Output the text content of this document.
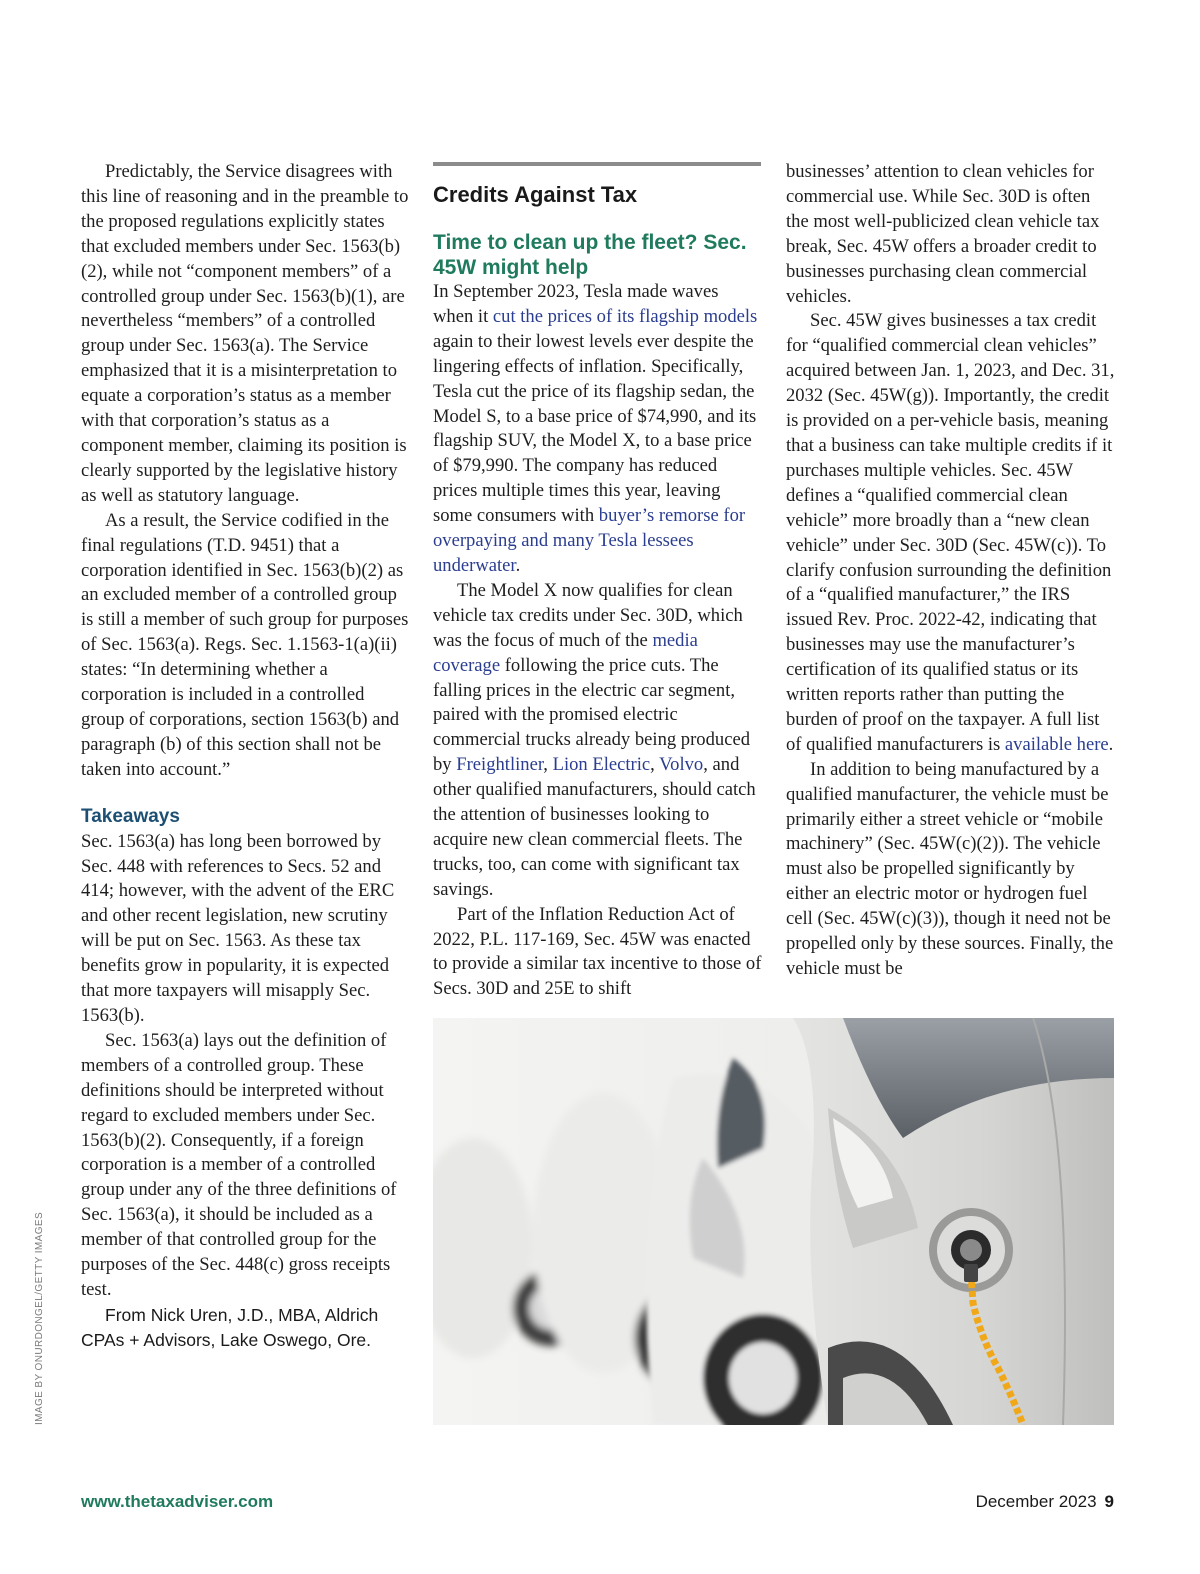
Predictably, the Service disagrees with this line of reasoning and in the preamble to the proposed regulations explicitly states that excluded members under Sec. 1563(b)(2), while not “component members” of a controlled group under Sec. 1563(b)(1), are nevertheless “members” of a controlled group under Sec. 1563(a). The Service emphasized that it is a misinterpretation to equate a corporation’s status as a member with that corporation’s status as a component member, claiming its position is clearly supported by the legislative history as well as statutory language.

As a result, the Service codified in the final regulations (T.D. 9451) that a corporation identified in Sec. 1563(b)(2) as an excluded member of a controlled group is still a member of such group for purposes of Sec. 1563(a). Regs. Sec. 1.1563-1(a)(ii) states: “In determining whether a corporation is included in a controlled group of corporations, section 1563(b) and paragraph (b) of this section shall not be taken into account.”

Takeaways

Sec. 1563(a) has long been borrowed by Sec. 448 with references to Secs. 52 and 414; however, with the advent of the ERC and other recent legislation, new scrutiny will be put on Sec. 1563. As these tax benefits grow in popularity, it is expected that more taxpayers will misapply Sec. 1563(b).

Sec. 1563(a) lays out the definition of members of a controlled group. These definitions should be interpreted without regard to excluded members under Sec. 1563(b)(2). Consequently, if a foreign corporation is a member of a controlled group under any of the three definitions of Sec. 1563(a), it should be included as a member of that controlled group for the purposes of the Sec. 448(c) gross receipts test.

From Nick Uren, J.D., MBA, Aldrich CPAs + Advisors, Lake Oswego, Ore.

Credits Against Tax
Time to clean up the fleet? Sec. 45W might help

In September 2023, Tesla made waves when it cut the prices of its flagship models again to their lowest levels ever despite the lingering effects of inflation. Specifically, Tesla cut the price of its flagship sedan, the Model S, to a base price of $74,990, and its flagship SUV, the Model X, to a base price of $79,990. The company has reduced prices multiple times this year, leaving some consumers with buyer’s remorse for overpaying and many Tesla lessees underwater.

The Model X now qualifies for clean vehicle tax credits under Sec. 30D, which was the focus of much of the media coverage following the price cuts. The falling prices in the electric car segment, paired with the promised electric commercial trucks already being produced by Freightliner, Lion Electric, Volvo, and other qualified manufacturers, should catch the attention of businesses looking to acquire new clean commercial fleets. The trucks, too, can come with significant tax savings.

Part of the Inflation Reduction Act of 2022, P.L. 117-169, Sec. 45W was enacted to provide a similar tax incentive to those of Secs. 30D and 25E to shift

businesses’ attention to clean vehicles for commercial use. While Sec. 30D is often the most well-publicized clean vehicle tax break, Sec. 45W offers a broader credit to businesses purchasing clean commercial vehicles.

Sec. 45W gives businesses a tax credit for “qualified commercial clean vehicles” acquired between Jan. 1, 2023, and Dec. 31, 2032 (Sec. 45W(g)). Importantly, the credit is provided on a per-vehicle basis, meaning that a business can take multiple credits if it purchases multiple vehicles. Sec. 45W defines a “qualified commercial clean vehicle” more broadly than a “new clean vehicle” under Sec. 30D (Sec. 45W(c)). To clarify confusion surrounding the definition of a “qualified manufacturer,” the IRS issued Rev. Proc. 2022-42, indicating that businesses may use the manufacturer’s certification of its qualified status or its written reports rather than putting the burden of proof on the taxpayer. A full list of qualified manufacturers is available here.

In addition to being manufactured by a qualified manufacturer, the vehicle must be primarily either a street vehicle or “mobile machinery” (Sec. 45W(c)(2)). The vehicle must also be propelled significantly by either an electric motor or hydrogen fuel cell (Sec. 45W(c)(3)), though it need not be propelled only by these sources. Finally, the vehicle must be

IMAGE BY ONURDONGEL/GETTY IMAGES
www.thetaxadviser.com	December 2023 9
